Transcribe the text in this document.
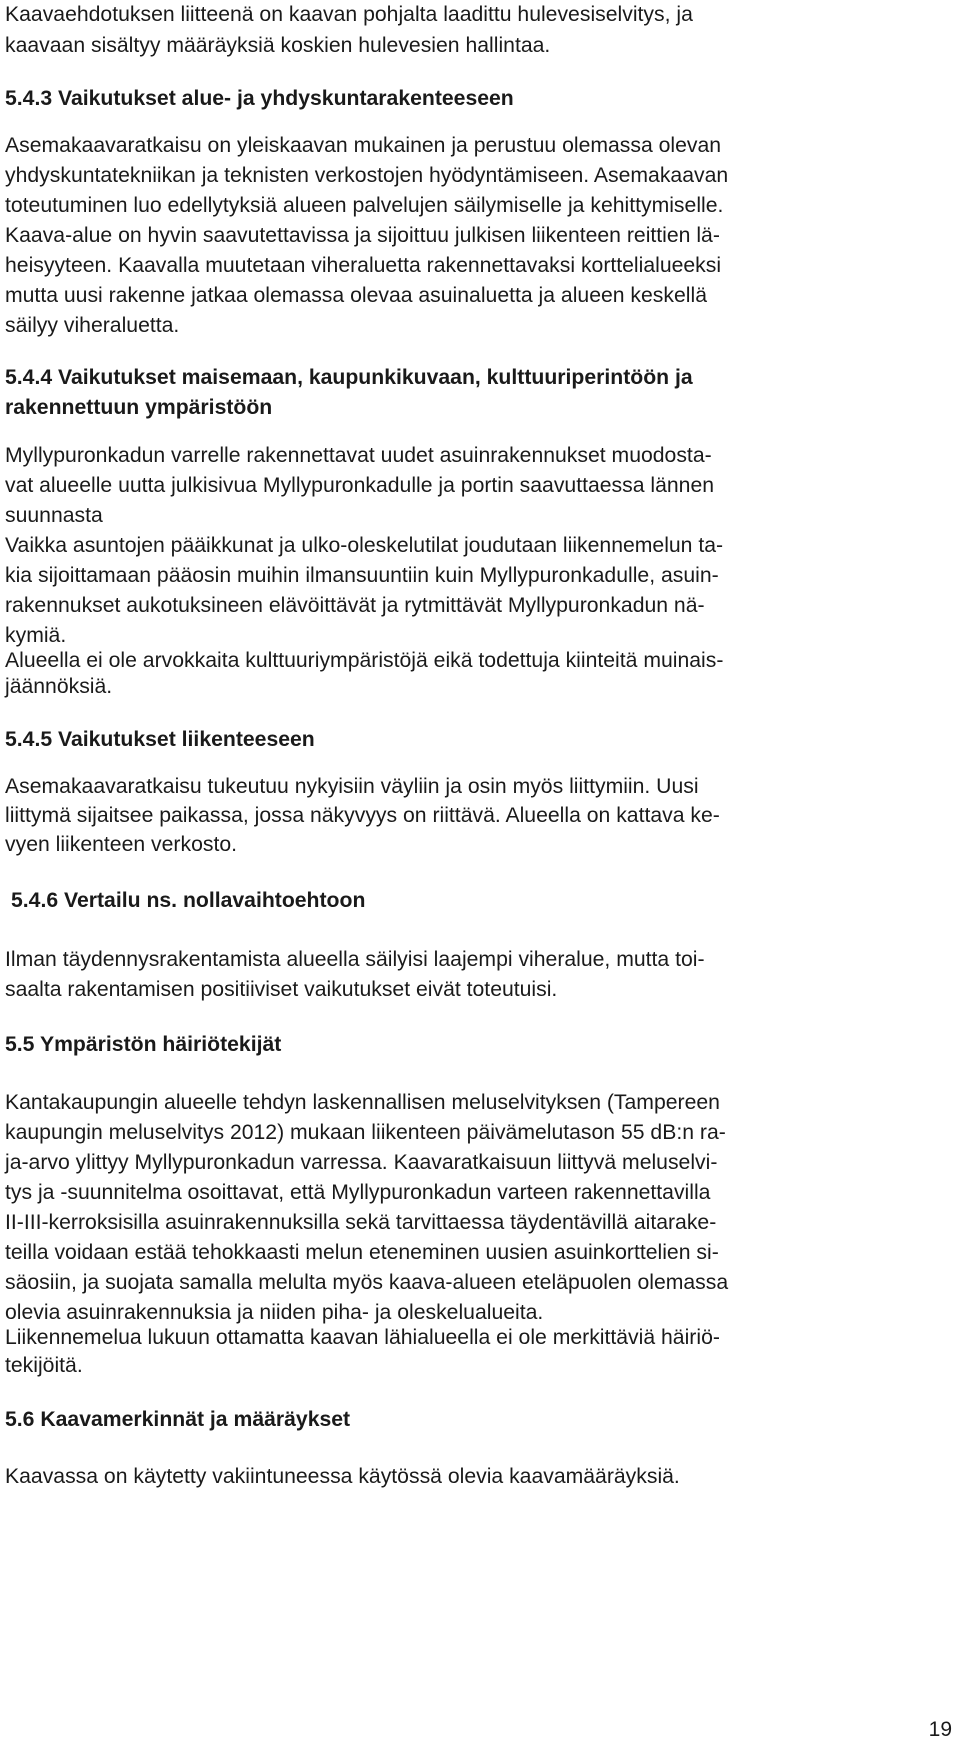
Kaavaehdotuksen liitteenä on kaavan pohjalta laadittu hulevesiselvitys, ja

kaavaan sisältyy määräyksiä koskien hulevesien hallintaa.

5.4.3 Vaikutukset alue- ja yhdyskuntarakenteeseen

Asemakaavaratkaisu on yleiskaavan mukainen ja perustuu olemassa olevan

yhdyskuntatekniikan ja teknisten verkostojen hyödyntämiseen. Asemakaavan

toteutuminen luo edellytyksiä alueen palvelujen säilymiselle ja kehittymiselle.

Kaava-alue on hyvin saavutettavissa ja sijoittuu julkisen liikenteen reittien lä-

heisyyteen. Kaavalla muutetaan viheraluetta rakennettavaksi korttelialueeksi

mutta uusi rakenne jatkaa olemassa olevaa asuinaluetta ja alueen keskellä

säilyy viheraluetta.

5.4.4 Vaikutukset maisemaan, kaupunkikuvaan, kulttuuriperintöön ja

rakennettuun ympäristöön

Myllypuronkadun varrelle rakennettavat uudet asuinrakennukset muodosta-

vat alueelle uutta julkisivua Myllypuronkadulle ja portin saavuttaessa lännen

suunnasta

Vaikka asuntojen pääikkunat ja ulko-oleskelutilat joudutaan liikennemelun ta-

kia sijoittamaan pääosin muihin ilmansuuntiin kuin Myllypuronkadulle, asuin-

rakennukset aukotuksineen elävöittävät ja rytmittävät Myllypuronkadun nä-

kymiä.

Alueella ei ole arvokkaita kulttuuriympäristöjä eikä todettuja kiinteitä muinais-

jäännöksiä.

5.4.5 Vaikutukset liikenteeseen

Asemakaavaratkaisu tukeutuu nykyisiin väyliin ja osin myös liittymiin. Uusi

liittymä sijaitsee paikassa, jossa näkyvyys on riittävä. Alueella on kattava ke-

vyen liikenteen verkosto.

5.4.6 Vertailu ns. nollavaihtoehtoon

Ilman täydennysrakentamista alueella säilyisi laajempi viheralue, mutta toi-

saalta rakentamisen positiiviset vaikutukset eivät toteutuisi.

5.5 Ympäristön häiriötekijät

Kantakaupungin alueelle tehdyn laskennallisen meluselvityksen (Tampereen

kaupungin meluselvitys 2012) mukaan liikenteen päivämelutason 55 dB:n ra-

ja-arvo ylittyy Myllypuronkadun varressa. Kaavaratkaisuun liittyvä meluselvi-

tys ja -suunnitelma osoittavat, että Myllypuronkadun varteen rakennettavilla

II-III-kerroksisilla asuinrakennuksilla sekä tarvittaessa täydentävillä aitarake-

teilla voidaan estää tehokkaasti melun eteneminen uusien asuinkorttelien si-

säosiin, ja suojata samalla melulta myös kaava-alueen eteläpuolen olemassa

olevia asuinrakennuksia ja niiden piha- ja oleskelualueita.

Liikennemelua lukuun ottamatta kaavan lähialueella ei ole merkittäviä häiriö-

tekijöitä.

5.6 Kaavamerkinnät ja määräykset

Kaavassa on käytetty vakiintuneessa käytössä olevia kaavamääräyksiä.

19
